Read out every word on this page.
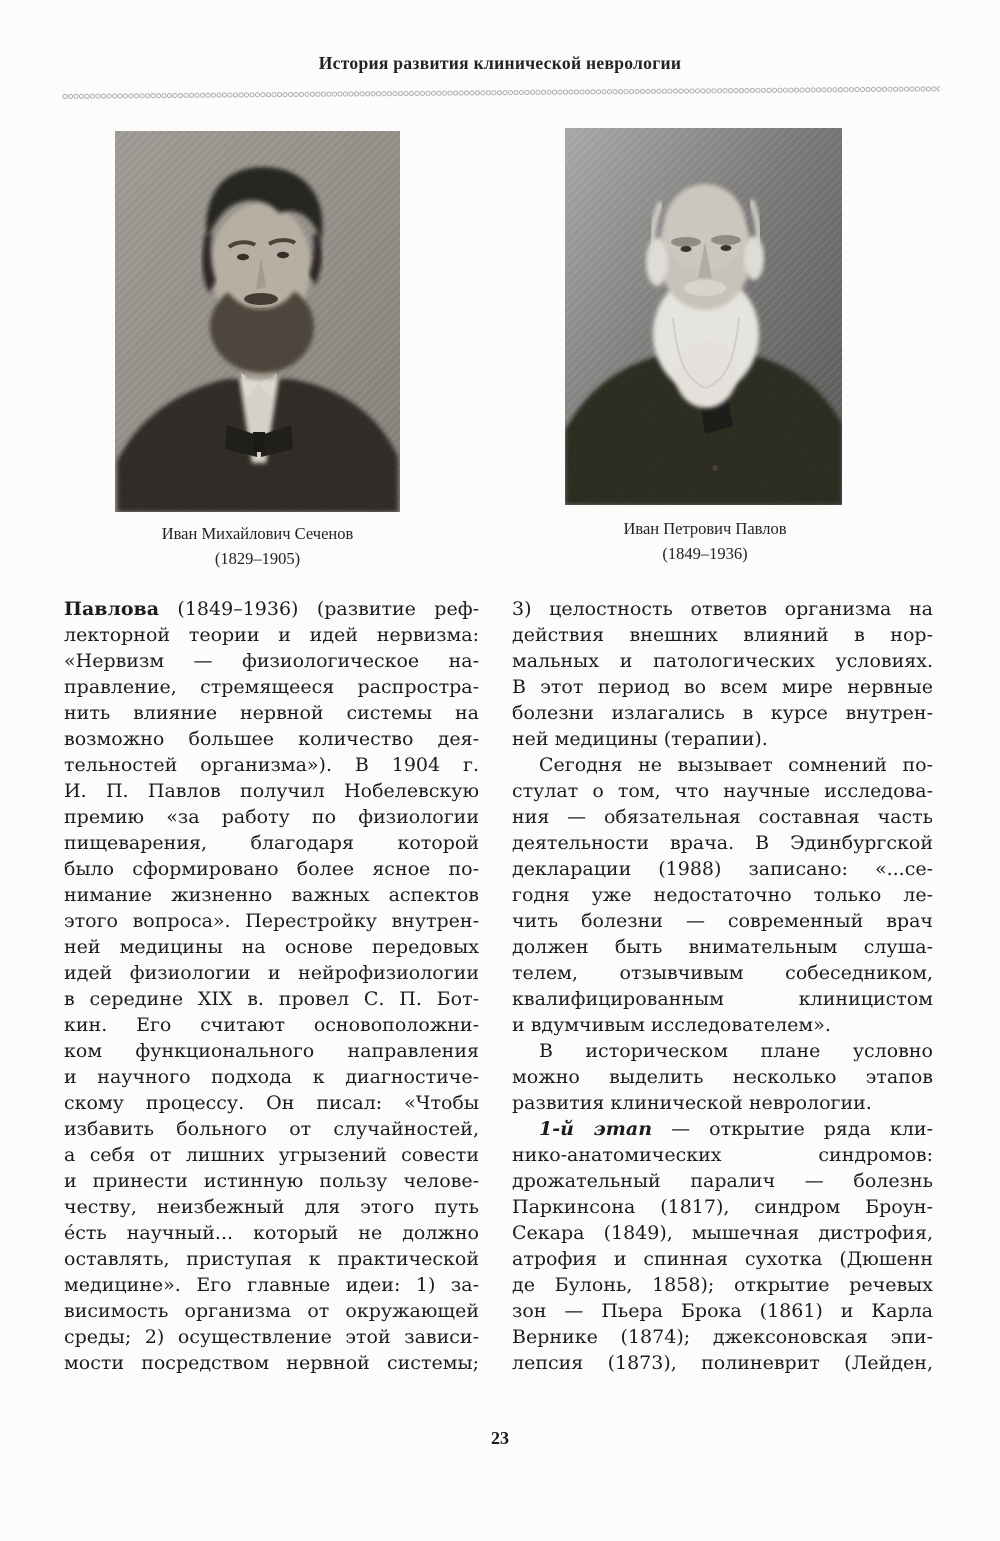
История развития клинической неврологии
Иван Михайлович Сеченов
(1829–1905)
Иван Петрович Павлов
(1849–1936)
Павлова (1849–1936) (развитие реф-
лекторной теории и идей нервизма:
«Нервизм — физиологическое на-
правление, стремящееся распростра-
нить влияние нервной системы на
возможно большее количество дея-
тельностей организма»). В 1904 г.
И. П. Павлов получил Нобелевскую
премию «за работу по физиологии
пищеварения, благодаря которой
было сформировано более ясное по-
нимание жизненно важных аспектов
этого вопроса». Перестройку внутрен-
ней медицины на основе передовых
идей физиологии и нейрофизиологии
в середине XIX в. провел С. П. Бот-
кин. Его считают основоположни-
ком функционального направления
и научного подхода к диагностиче-
скому процессу. Он писал: «Чтобы
избавить больного от случайностей,
а себя от лишних угрызений совести
и принести истинную пользу челове-
честву, неизбежный для этого путь
е́сть научный... который не должно
оставлять, приступая к практической
медицине». Его главные идеи: 1) за-
висимость организма от окружающей
среды; 2) осуществление этой зависи-
мости посредством нервной системы;
3) целостность ответов организма на
действия внешних влияний в нор-
мальных и патологических условиях.
В этот период во всем мире нервные
болезни излагались в курсе внутрен-
ней медицины (терапии).
Сегодня не вызывает сомнений по-
стулат о том, что научные исследова-
ния — обязательная составная часть
деятельности врача. В Эдинбургской
декларации (1988) записано: «...се-
годня уже недостаточно только ле-
чить болезни — современный врач
должен быть внимательным слуша-
телем, отзывчивым собеседником,
квалифицированным клиницистом
и вдумчивым исследователем».
В историческом плане условно
можно выделить несколько этапов
развития клинической неврологии.
1-й этап — открытие ряда кли-
нико-анатомических синдромов:
дрожательный паралич — болезнь
Паркинсона (1817), синдром Броун-
Секара (1849), мышечная дистрофия,
атрофия и спинная сухотка (Дюшенн
де Булонь, 1858); открытие речевых
зон — Пьера Брока (1861) и Карла
Вернике (1874); джексоновская эпи-
лепсия (1873), полиневрит (Лейден,
23
